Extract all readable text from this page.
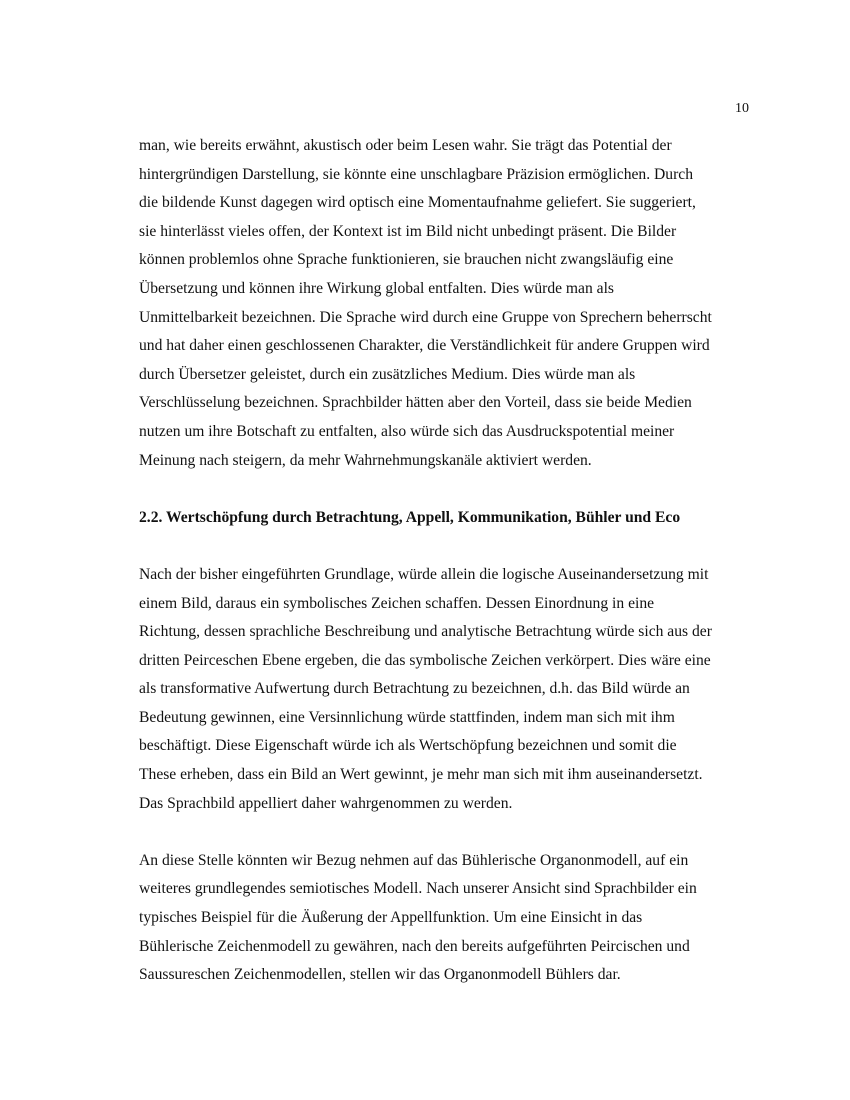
10
man, wie bereits erwähnt, akustisch oder beim Lesen wahr. Sie trägt das Potential der
hintergründigen Darstellung, sie könnte eine unschlagbare Präzision ermöglichen. Durch
die bildende Kunst dagegen wird optisch eine Momentaufnahme geliefert. Sie suggeriert,
sie hinterlässt vieles offen, der Kontext ist im Bild nicht unbedingt präsent. Die Bilder
können problemlos ohne Sprache funktionieren, sie brauchen nicht zwangsläufig eine
Übersetzung und können ihre Wirkung global entfalten. Dies würde man als
Unmittelbarkeit bezeichnen. Die Sprache wird durch eine Gruppe von Sprechern beherrscht
und hat daher einen geschlossenen Charakter, die Verständlichkeit für andere Gruppen wird
durch Übersetzer geleistet, durch ein zusätzliches Medium. Dies würde man als
Verschlüsselung bezeichnen. Sprachbilder hätten aber den Vorteil, dass sie beide Medien
nutzen um ihre Botschaft zu entfalten, also würde sich das Ausdruckspotential meiner
Meinung nach steigern, da mehr Wahrnehmungskanäle aktiviert werden.
2.2. Wertschöpfung durch Betrachtung, Appell, Kommunikation, Bühler und Eco
Nach der bisher eingeführten Grundlage, würde allein die logische Auseinandersetzung mit
einem Bild, daraus ein symbolisches Zeichen schaffen. Dessen Einordnung in eine
Richtung, dessen sprachliche Beschreibung und analytische Betrachtung würde sich aus der
dritten Peirceschen Ebene ergeben, die das symbolische Zeichen verkörpert. Dies wäre eine
als transformative Aufwertung durch Betrachtung zu bezeichnen, d.h. das Bild würde an
Bedeutung gewinnen, eine Versinnlichung würde stattfinden, indem man sich mit ihm
beschäftigt. Diese Eigenschaft würde ich als Wertschöpfung bezeichnen und somit die
These erheben, dass ein Bild an Wert gewinnt, je mehr man sich mit ihm auseinandersetzt.
Das Sprachbild appelliert daher wahrgenommen zu werden.
An diese Stelle könnten wir Bezug nehmen auf das Bühlerische Organonmodell, auf ein
weiteres grundlegendes semiotisches Modell. Nach unserer Ansicht sind Sprachbilder ein
typisches Beispiel für die Äußerung der Appellfunktion. Um eine Einsicht in das
Bühlerische Zeichenmodell zu gewähren, nach den bereits aufgeführten Peircischen und
Saussureschen Zeichenmodellen, stellen wir das Organonmodell Bühlers dar.
